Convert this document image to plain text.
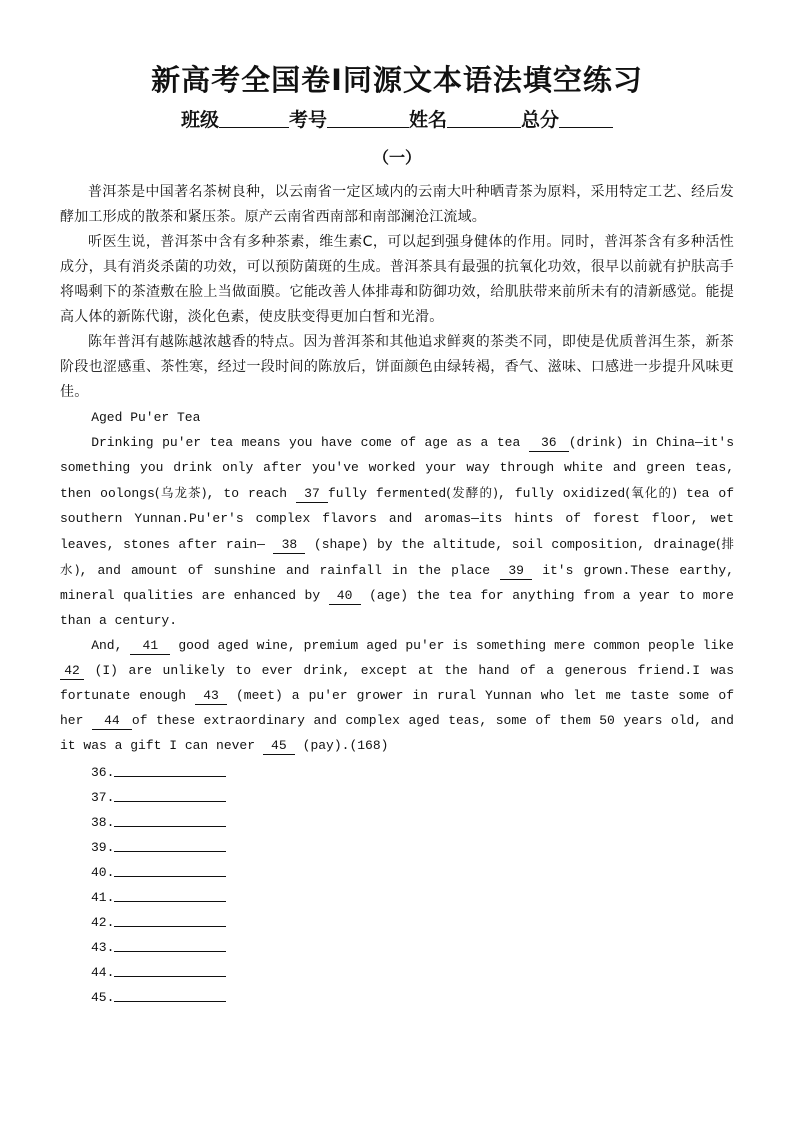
新高考全国卷Ⅰ同源文本语法填空练习
班级	考号	姓名	总分
（一）

普洱茶是中国著名茶树良种，以云南省一定区域内的云南大叶种晒青茶为原料，采用特定工艺、经后发酵加工形成的散茶和紧压茶。原产云南省西南部和南部澜沧江流域。

听医生说，普洱茶中含有多种茶素，维生素C，可以起到强身健体的作用。同时，普洱茶含有多种活性成分，具有消炎杀菌的功效，可以预防菌斑的生成。普洱茶具有最强的抗氧化功效，很早以前就有护肤高手将喝剩下的茶渣敷在脸上当做面膜。它能改善人体排毒和防御功效，给肌肤带来前所未有的清新感觉。能提高人体的新陈代谢，淡化色素，使皮肤变得更加白皙和光滑。

陈年普洱有越陈越浓越香的特点。因为普洱茶和其他追求鲜爽的茶类不同，即使是优质普洱生茶，新茶阶段也涩感重、茶性寒，经过一段时间的陈放后，饼面颜色由绿转褐，香气、滋味、口感进一步提升风味更佳。

Aged Pu'er Tea

Drinking pu'er tea means you have come of age as a tea 36 (drink) in China—it's something you drink only after you've worked your way through white and green teas, then oolongs(乌龙茶), to reach 37 fully fermented(发酵的), fully oxidized(氧化的) tea of southern Yunnan.Pu'er's complex flavors and aromas—its hints of forest floor, wet leaves, stones after rain— 38 (shape) by the altitude, soil composition, drainage(排水), and amount of sunshine and rainfall in the place 39 it's grown.These earthy, mineral qualities are enhanced by 40 (age) the tea for anything from a year to more than a century.

And, 41 good aged wine, premium aged pu'er is something mere common people like 42 (I) are unlikely to ever drink, except at the hand of a generous friend.I was fortunate enough 43 (meet) a pu'er grower in rural Yunnan who let me taste some of her 44 of these extraordinary and complex aged teas, some of them 50 years old, and it was a gift I can never 45 (pay).(168)

36.
37.
38.
39.
40.
41.
42.
43.
44.
45.
